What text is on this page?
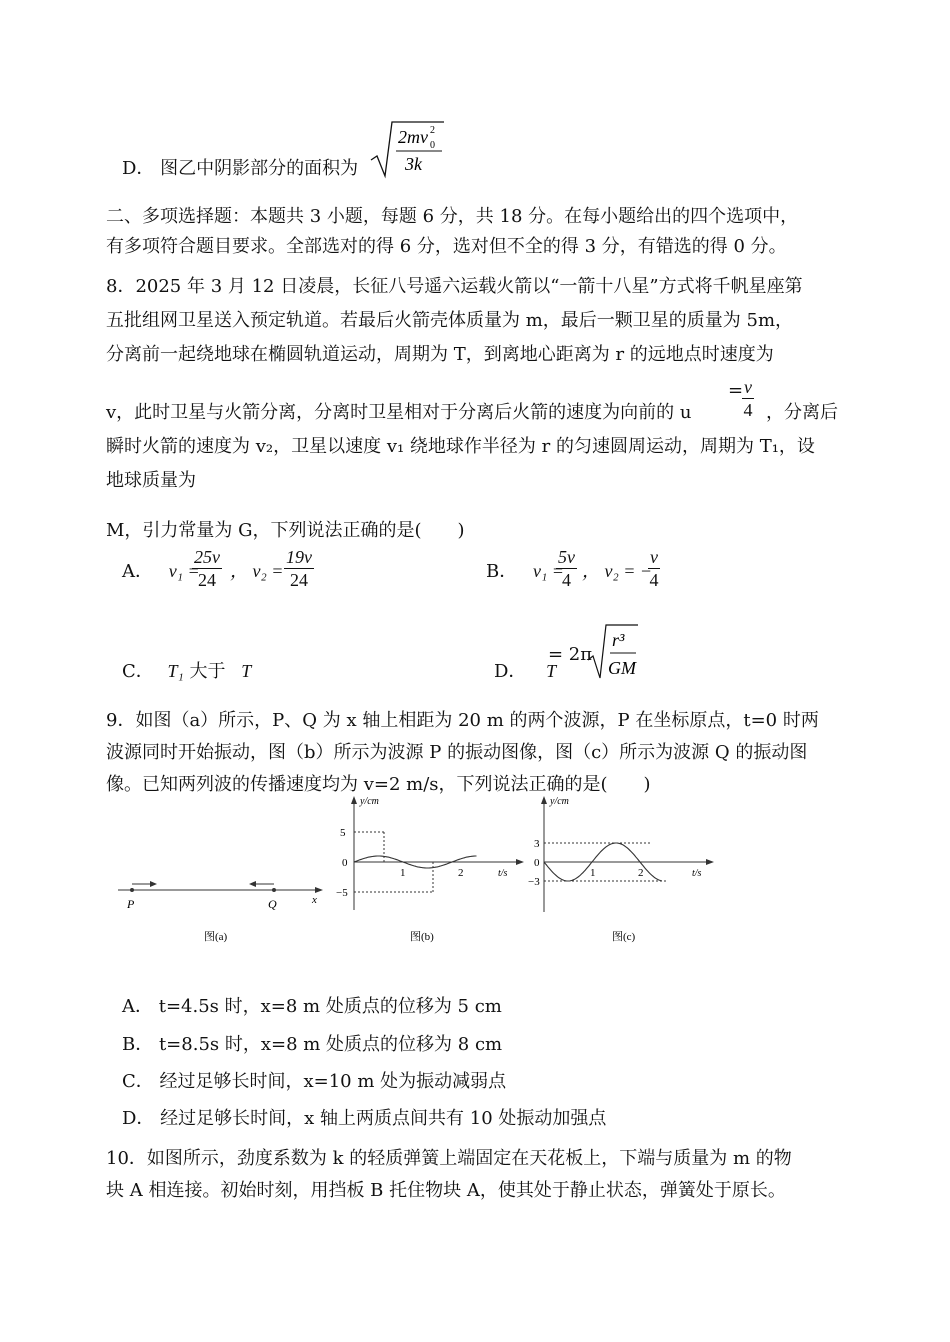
D． 图乙中阴影部分的面积为
2mv 2
0
3k
二、多项选择题：本题共 3 小题，每题 6 分，共 18 分。在每小题给出的四个选项中，
有多项符合题目要求。全部选对的得 6 分，选对但不全的得 3 分，有错选的得 0 分。
8．2025 年 3 月 12 日凌晨，长征八号遥六运载火箭以“一箭十八星”方式将千帆星座第
五批组网卫星送入预定轨道。若最后火箭壳体质量为 m，最后一颗卫星的质量为 5m，
分离前一起绕地球在椭圆轨道运动，周期为 T，到离地心距离为 r 的远地点时速度为
v，此时卫星与火箭分离，分离时卫星相对于分离后火箭的速度为向前的 u
=
$\frac{v}{4}$ ，分离后
瞬时火箭的速度为 v₂，卫星以速度 v₁ 绕地球作半径为 r 的匀速圆周运动，周期为 T₁，设
地球质量为
M，引力常量为 G，下列说法正确的是(　　)
A． v₁ =
$\frac{25v}{24}$ ， $v_2 = \frac{19v}{24}$	B． v₁ =
$\frac{5v}{4}$ ， v₂ = −
$\frac{v}{4}$
C． T₁ 大于 T	D． T
= 2π
r³
GM
9．如图（a）所示，P、Q 为 x 轴上相距为 20 m 的两个波源，P 在坐标原点，t=0 时两
波源同时开始振动，图（b）所示为波源 P 的振动图像，图（c）所示为波源 Q 的振动图
像。已知两列波的传播速度均为 v=2 m/s，下列说法正确的是(　　)
x
P	Q
图(a)
y/cm
t/s
5
0
−5
1	2
图(b)
y/cm
t/s
3
0
−3
1	2
图(c)
A． t=4.5s 时，x=8 m 处质点的位移为 5 cm
B． t=8.5s 时，x=8 m 处质点的位移为 8 cm
C． 经过足够长时间，x=10 m 处为振动减弱点
D． 经过足够长时间，x 轴上两质点间共有 10 处振动加强点
10．如图所示，劲度系数为 k 的轻质弹簧上端固定在天花板上，下端与质量为 m 的物
块 A 相连接。初始时刻，用挡板 B 托住物块 A，使其处于静止状态，弹簧处于原长。
